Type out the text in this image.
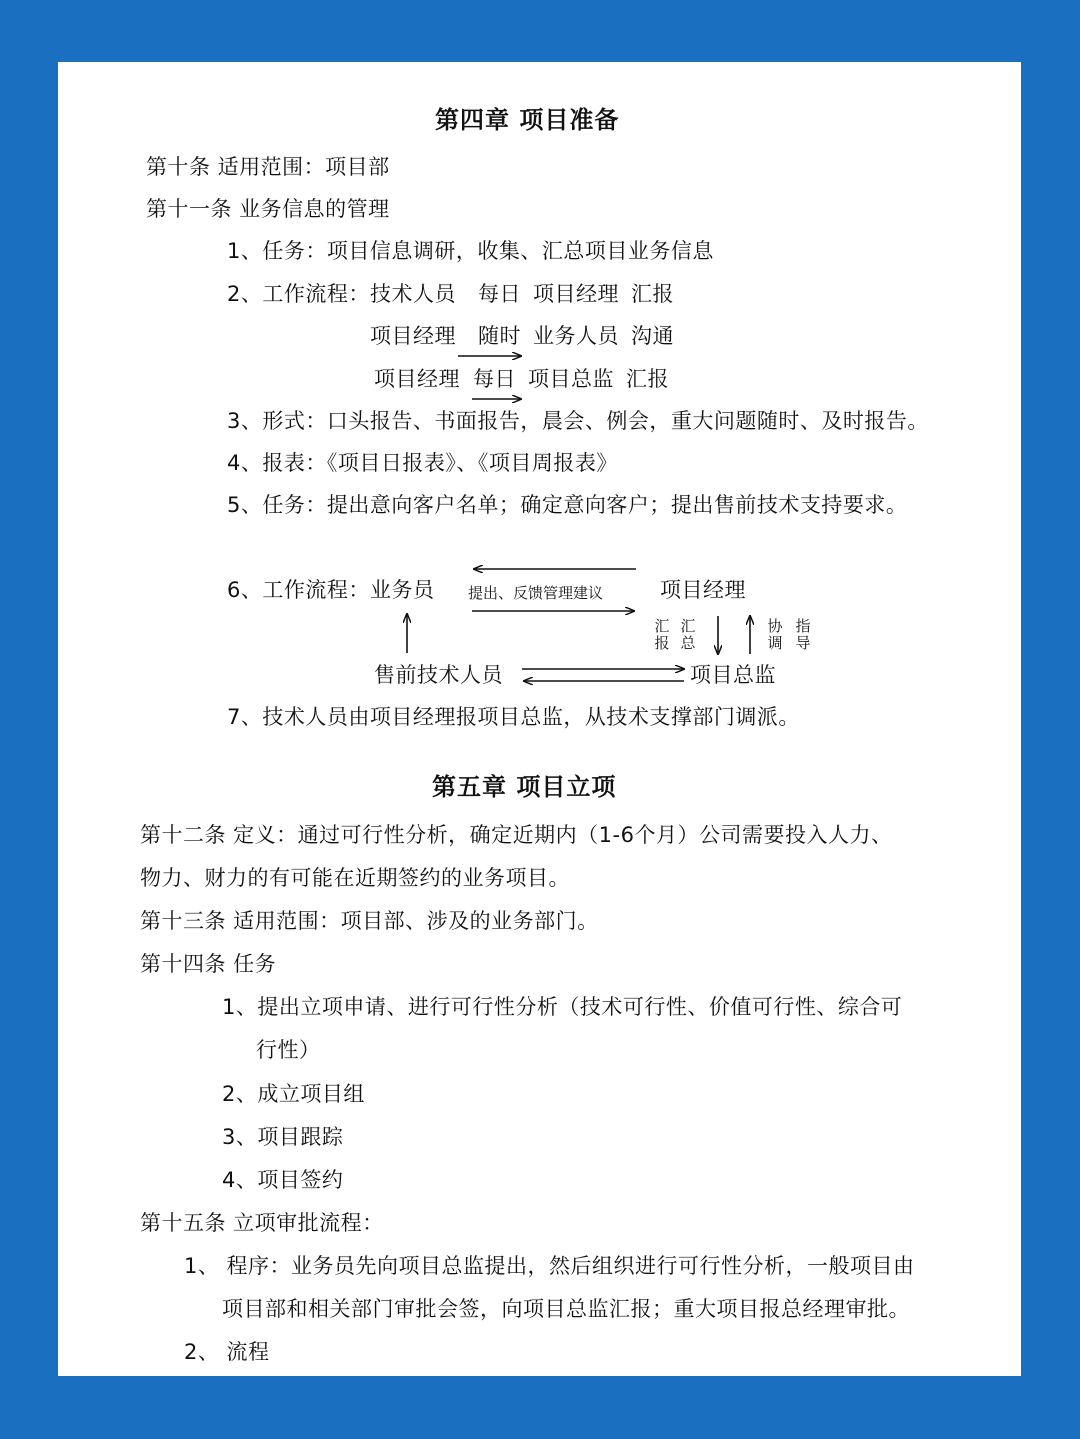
第四章 项目准备
第十条 适用范围：项目部
第十一条 业务信息的管理
1、任务：项目信息调研，收集、汇总项目业务信息
2、工作流程： 技术人员 每日 项目经理 汇报
项目经理 随时 业务人员 沟通
项目经理 每日 项目总监 汇报
3、形式：口头报告、书面报告，晨会、例会，重大问题随时、及时报告。
4、报表：《项目日报表》、《项目周报表》
5、任务：提出意向客户名单；确定意向客户；提出售前技术支持要求。
6、工作流程： 业务员 提出、反馈管理建议	项目经理
汇报
汇总
协调
指导
售前技术人员	项目总监
7、技术人员由项目经理报项目总监，从技术支撑部门调派。
第五章 项目立项
第十二条 定义：通过可行性分析，确定近期内（1-6个月）公司需要投入人力、
物力、财力的有可能在近期签约的业务项目。
第十三条 适用范围：项目部、涉及的业务部门。
第十四条 任务
1、提出立项申请、进行可行性分析（技术可行性、价值可行性、综合可
行性）
2、成立项目组
3、项目跟踪
4、项目签约
第十五条 立项审批流程：
1、 程序：业务员先向项目总监提出，然后组织进行可行性分析，一般项目由
项目部和相关部门审批会签，向项目总监汇报；重大项目报总经理审批。
2、 流程
